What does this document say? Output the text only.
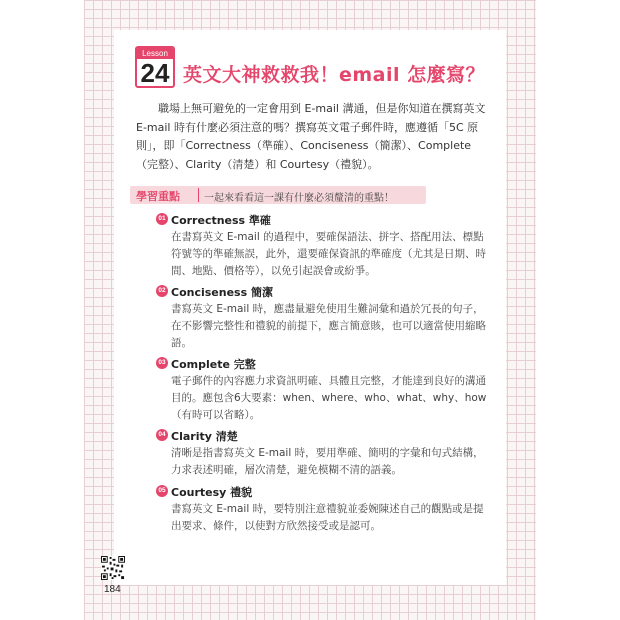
Lesson
24 英文大神救救我！email 怎麼寫？

職場上無可避免的一定會用到 E-mail 溝通，但是你知道在撰寫英文 E-mail 時有什麼必須注意的嗎？撰寫英文電子郵件時，應遵循「5C 原則」，即「Correctness（準確）、Conciseness（簡潔）、Complete（完整）、Clarity（清楚）和 Courtesy（禮貌）。

學習重點 一起來看看這一課有什麼必須釐清的重點！
01 Correctness 準確
在書寫英文 E-mail 的過程中，要確保語法、拼字、搭配用法、標點符號等的準確無誤，此外，還要確保資訊的準確度（尤其是日期、時間、地點、價格等），以免引起誤會或紛爭。
02 Conciseness 簡潔
書寫英文 E-mail 時，應盡量避免使用生難詞彙和過於冗長的句子，在不影響完整性和禮貌的前提下，應言簡意賅，也可以適當使用縮略語。
03 Complete 完整
電子郵件的內容應力求資訊明確、具體且完整，才能達到良好的溝通目的。應包含6大要素：when、where、who、what、why、how（有時可以省略）。
04 Clarity 清楚
清晰是指書寫英文 E-mail 時，要用準確、簡明的字彙和句式結構，力求表述明確，層次清楚，避免模糊不清的語義。
05 Courtesy 禮貌
書寫英文 E-mail 時，要特別注意禮貌並委婉陳述自己的觀點或是提出要求、條件，以使對方欣然接受或是認可。
184
